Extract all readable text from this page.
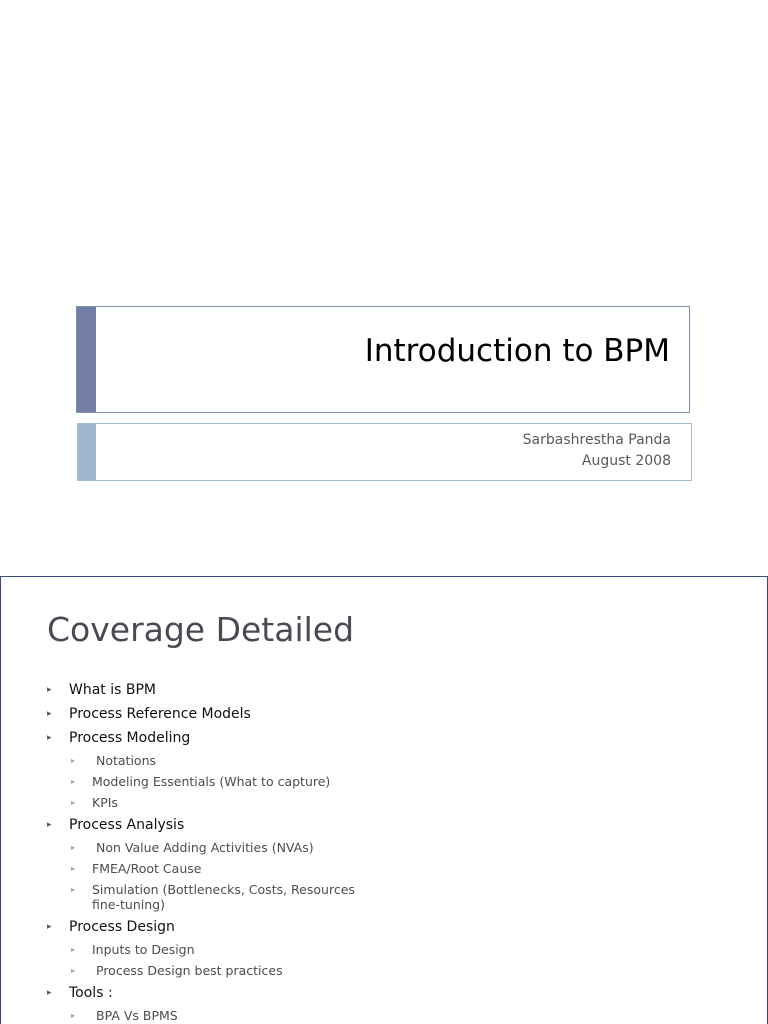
Introduction to BPM
Sarbashrestha Panda
August 2008
Coverage Detailed
▸ What is BPM
▸ Process Reference Models
▸ Process Modeling
▸ Notations
▸ Modeling Essentials (What to capture)
▸ KPIs
▸ Process Analysis
▸ Non Value Adding Activities (NVAs)
▸ FMEA/Root Cause
▸ Simulation (Bottlenecks, Costs, Resources fine-tuning)
▸ Process Design
▸ Inputs to Design
▸ Process Design best practices
▸ Tools :
▸ BPA Vs BPMS
